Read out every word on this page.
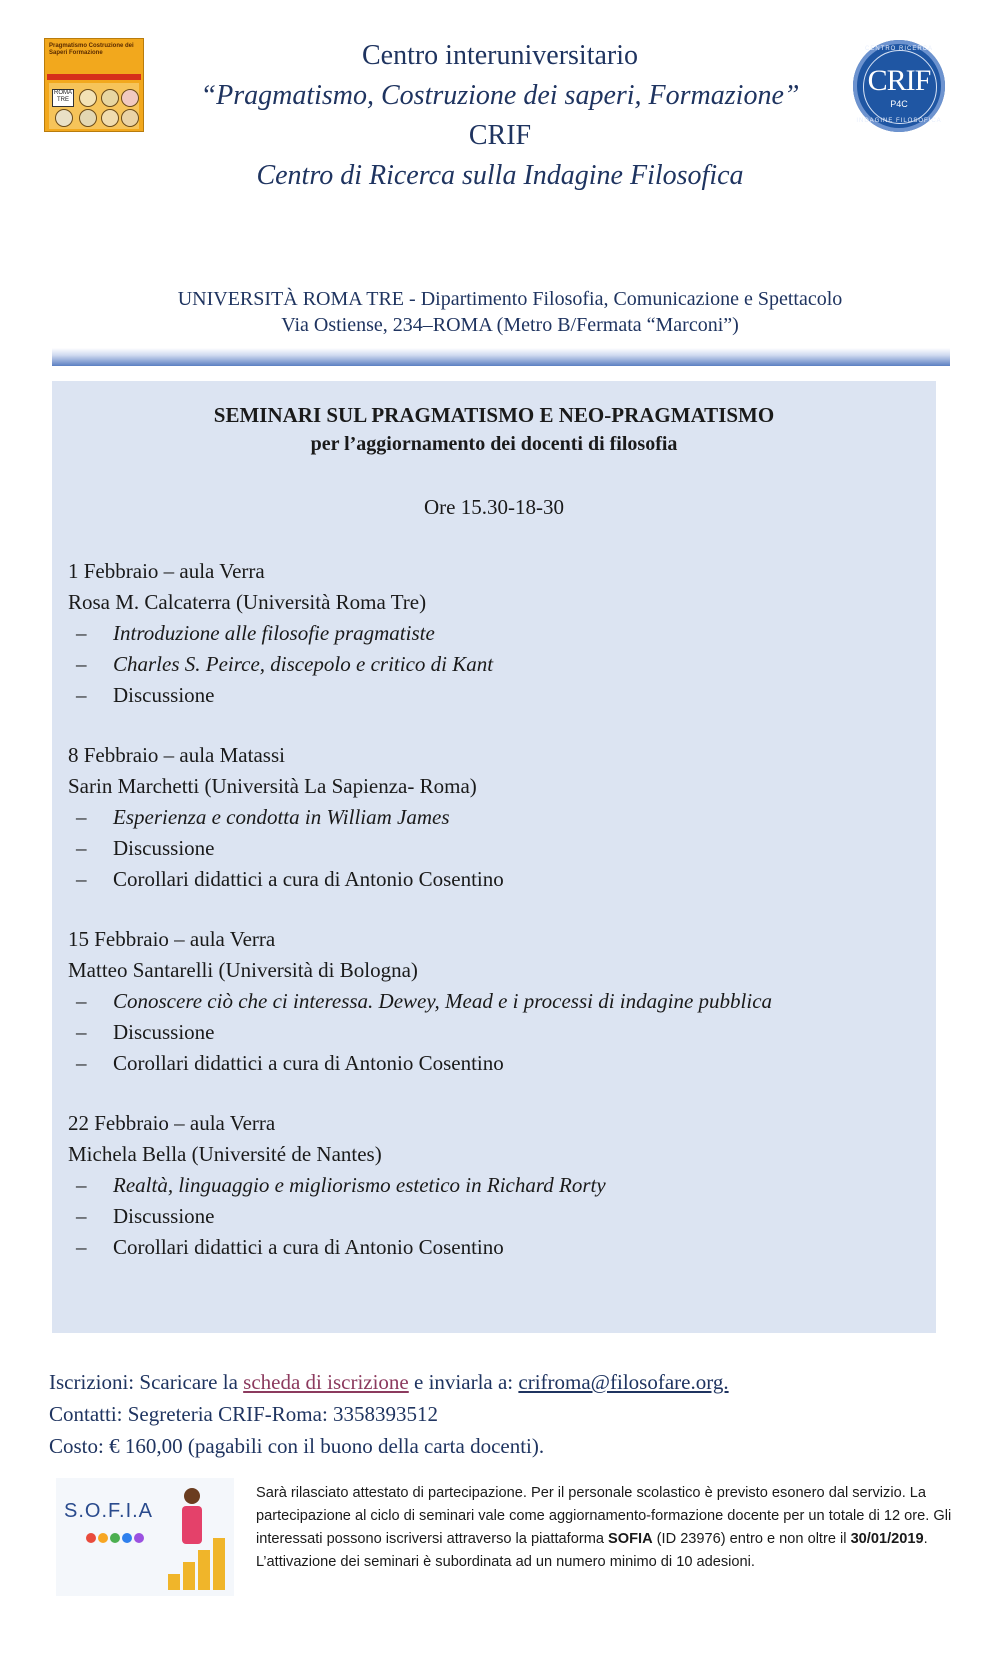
Pragmatismo Costruzione dei Saperi Formazione
ROMA TRE
Centro interuniversitario
“Pragmatismo, Costruzione dei saperi, Formazione”
CRIF
Centro di Ricerca sulla Indagine Filosofica
CENTRO RICERCA
CRIF
P4C
INDAGINE FILOSOFICA
UNIVERSITÀ ROMA TRE - Dipartimento Filosofia, Comunicazione e Spettacolo
Via Ostiense, 234–ROMA (Metro B/Fermata “Marconi”)
SEMINARI SUL PRAGMATISMO E NEO-PRAGMATISMO
per l’aggiornamento dei docenti di filosofia
Ore 15.30-18-30
1 Febbraio – aula Verra
Rosa M. Calcaterra (Università Roma Tre)
– Introduzione alle filosofie pragmatiste
– Charles S. Peirce, discepolo e critico di Kant
– Discussione
8 Febbraio – aula Matassi
Sarin Marchetti (Università La Sapienza- Roma)
– Esperienza e condotta in William James
– Discussione
– Corollari didattici a cura di Antonio Cosentino
15 Febbraio – aula Verra
Matteo Santarelli (Università di Bologna)
– Conoscere ciò che ci interessa. Dewey, Mead e i processi di indagine pubblica
– Discussione
– Corollari didattici a cura di Antonio Cosentino
22 Febbraio – aula Verra
Michela Bella (Université de Nantes)
– Realtà, linguaggio e migliorismo estetico in Richard Rorty
– Discussione
– Corollari didattici a cura di Antonio Cosentino
Iscrizioni: Scaricare la scheda di iscrizione e inviarla a: crifroma@filosofare.org.
Contatti: Segreteria CRIF-Roma: 3358393512
Costo: € 160,00 (pagabili con il buono della carta docenti).
S.O.F.I.A

Sarà rilasciato attestato di partecipazione. Per il personale scolastico è previsto esonero dal servizio. La partecipazione al ciclo di seminari vale come aggiornamento-formazione docente per un totale di 12 ore. Gli interessati possono iscriversi attraverso la piattaforma SOFIA (ID 23976) entro e non oltre il 30/01/2019.

L’attivazione dei seminari è subordinata ad un numero minimo di 10 adesioni.
